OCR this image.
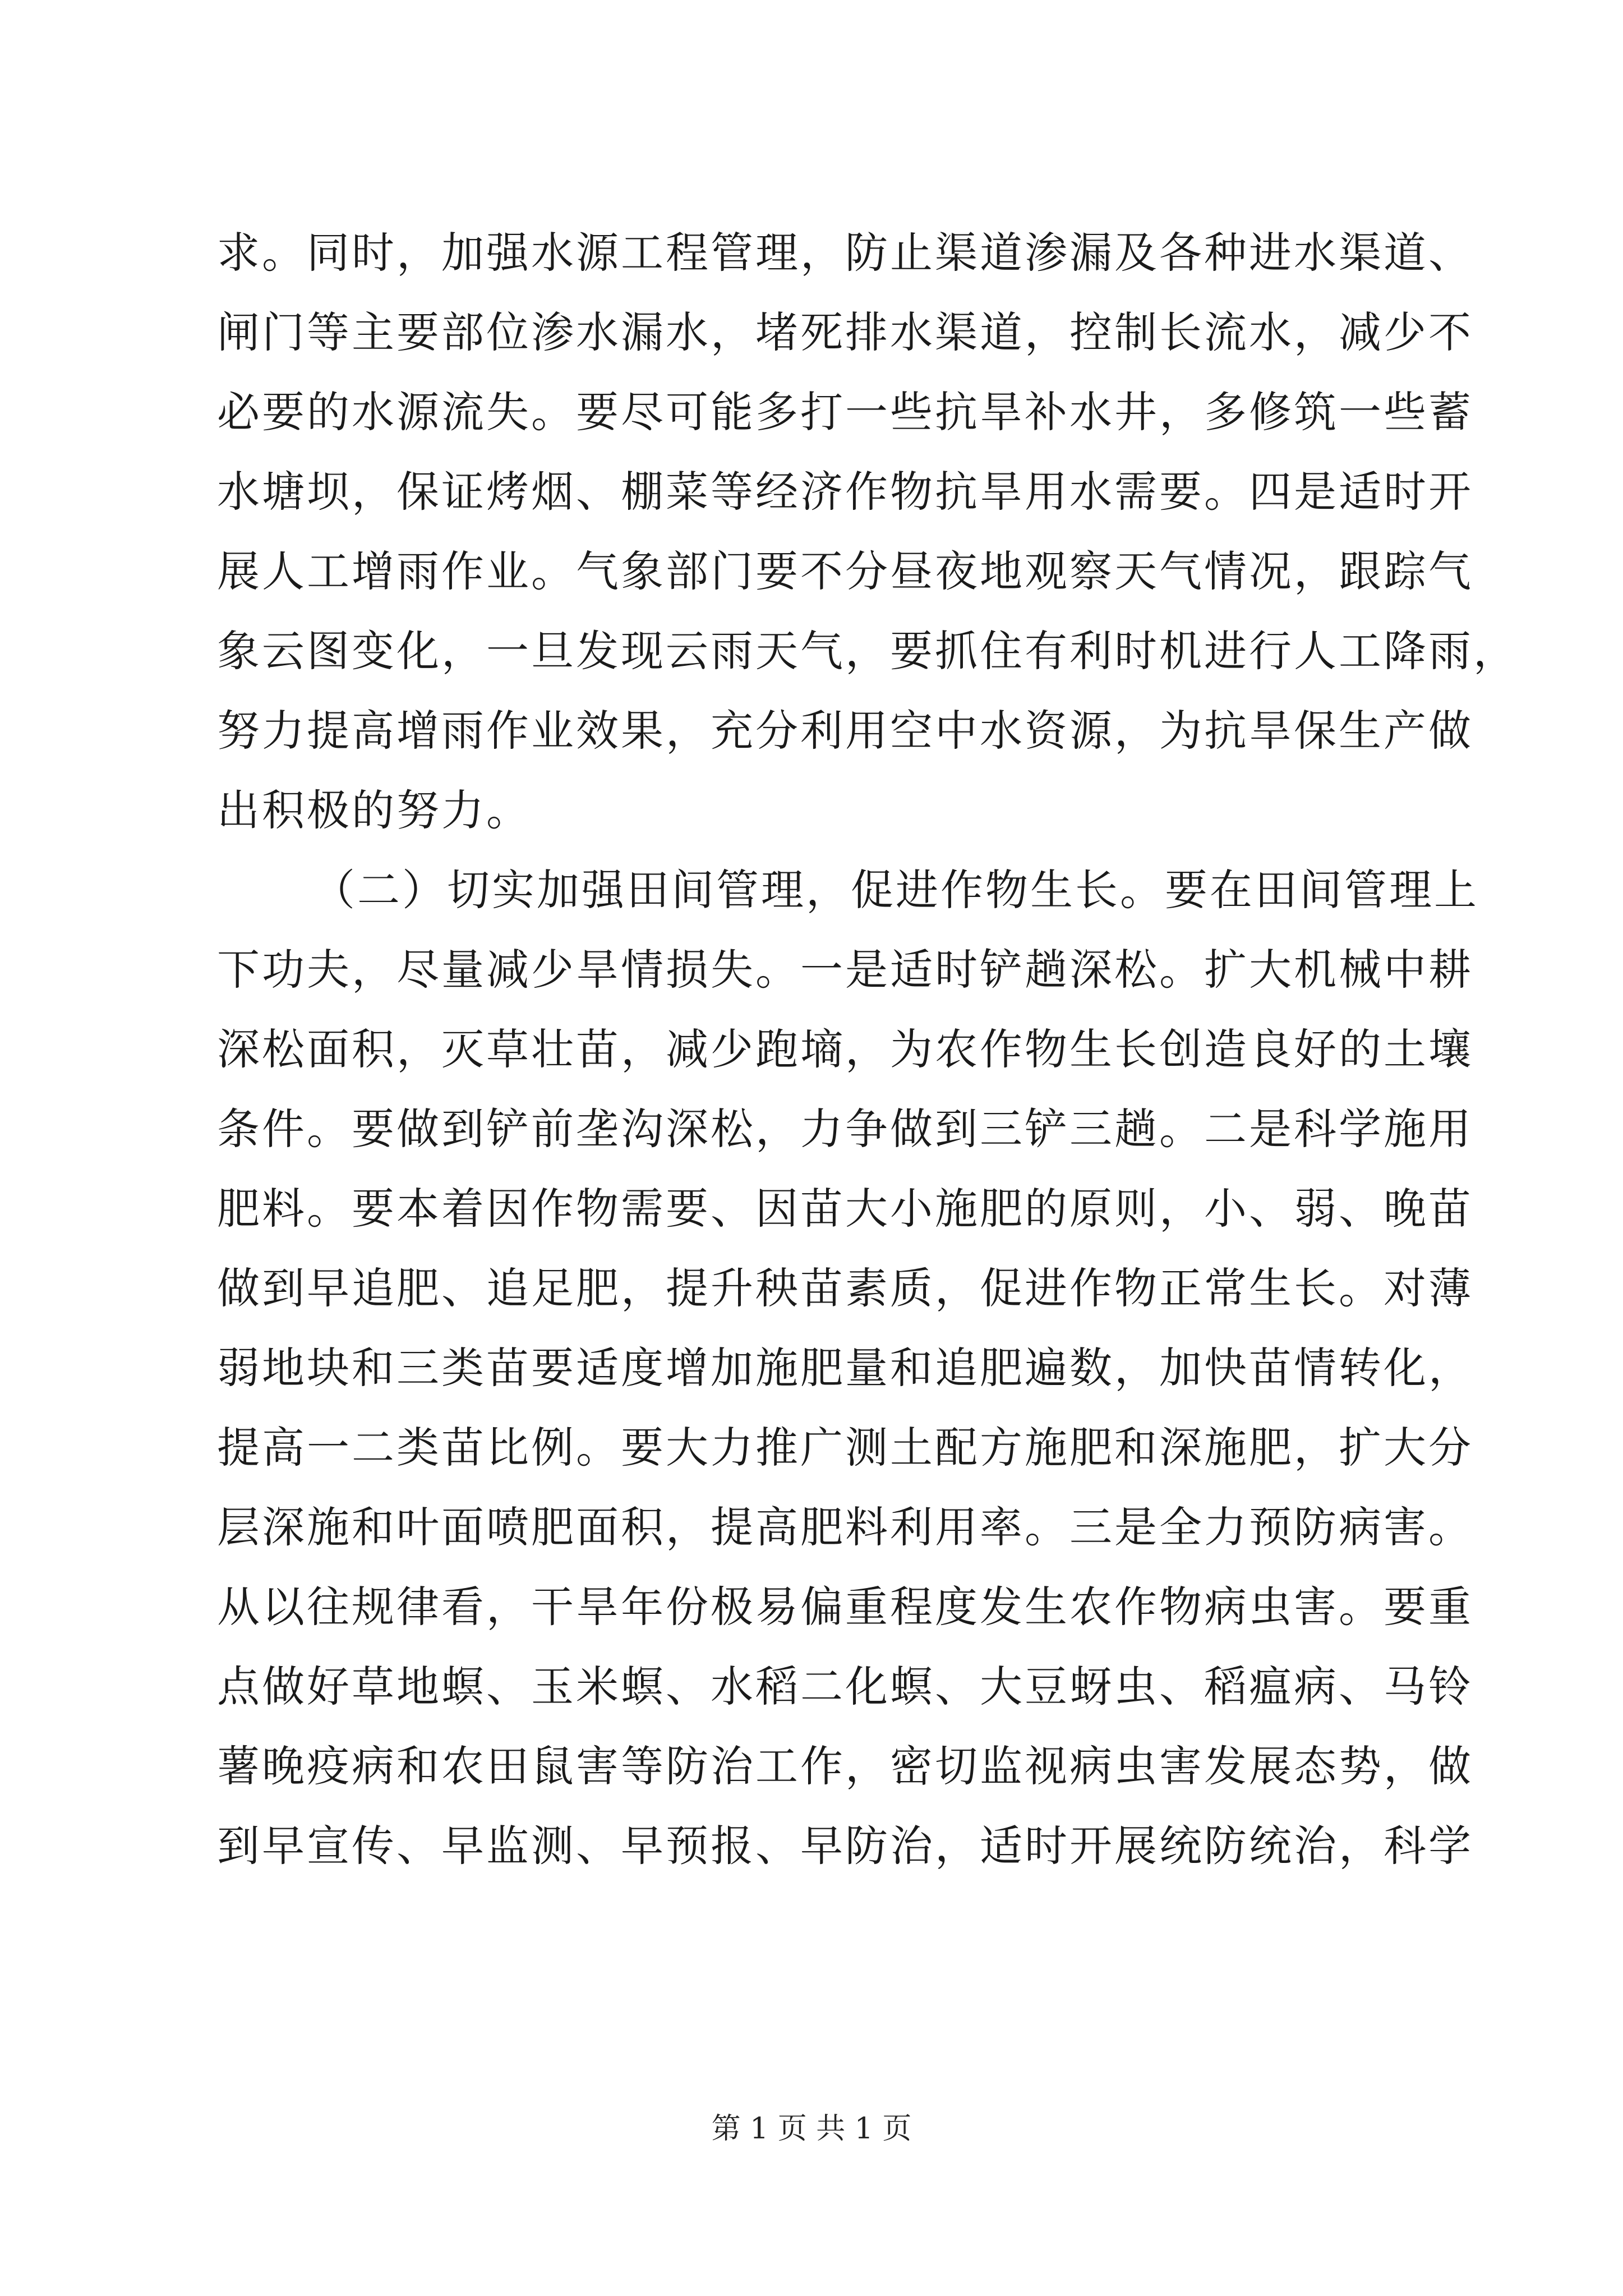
求。同时，加强水源工程管理，防止渠道渗漏及各种进水渠道、
闸门等主要部位渗水漏水，堵死排水渠道，控制长流水，减少不
必要的水源流失。要尽可能多打一些抗旱补水井，多修筑一些蓄
水塘坝，保证烤烟、棚菜等经济作物抗旱用水需要。四是适时开
展人工增雨作业。气象部门要不分昼夜地观察天气情况，跟踪气
象云图变化，一旦发现云雨天气，要抓住有利时机进行人工降雨，
努力提高增雨作业效果，充分利用空中水资源，为抗旱保生产做
出积极的努力。
（二）切实加强田间管理，促进作物生长。要在田间管理上
下功夫，尽量减少旱情损失。一是适时铲趟深松。扩大机械中耕
深松面积，灭草壮苗，减少跑墒，为农作物生长创造良好的土壤
条件。要做到铲前垄沟深松，力争做到三铲三趟。二是科学施用
肥料。要本着因作物需要、因苗大小施肥的原则，小、弱、晚苗
做到早追肥、追足肥，提升秧苗素质，促进作物正常生长。对薄
弱地块和三类苗要适度增加施肥量和追肥遍数，加快苗情转化，
提高一二类苗比例。要大力推广测土配方施肥和深施肥，扩大分
层深施和叶面喷肥面积，提高肥料利用率。三是全力预防病害。
从以往规律看，干旱年份极易偏重程度发生农作物病虫害。要重
点做好草地螟、玉米螟、水稻二化螟、大豆蚜虫、稻瘟病、马铃
薯晚疫病和农田鼠害等防治工作，密切监视病虫害发展态势，做
到早宣传、早监测、早预报、早防治，适时开展统防统治，科学
第 1 页 共 1 页
